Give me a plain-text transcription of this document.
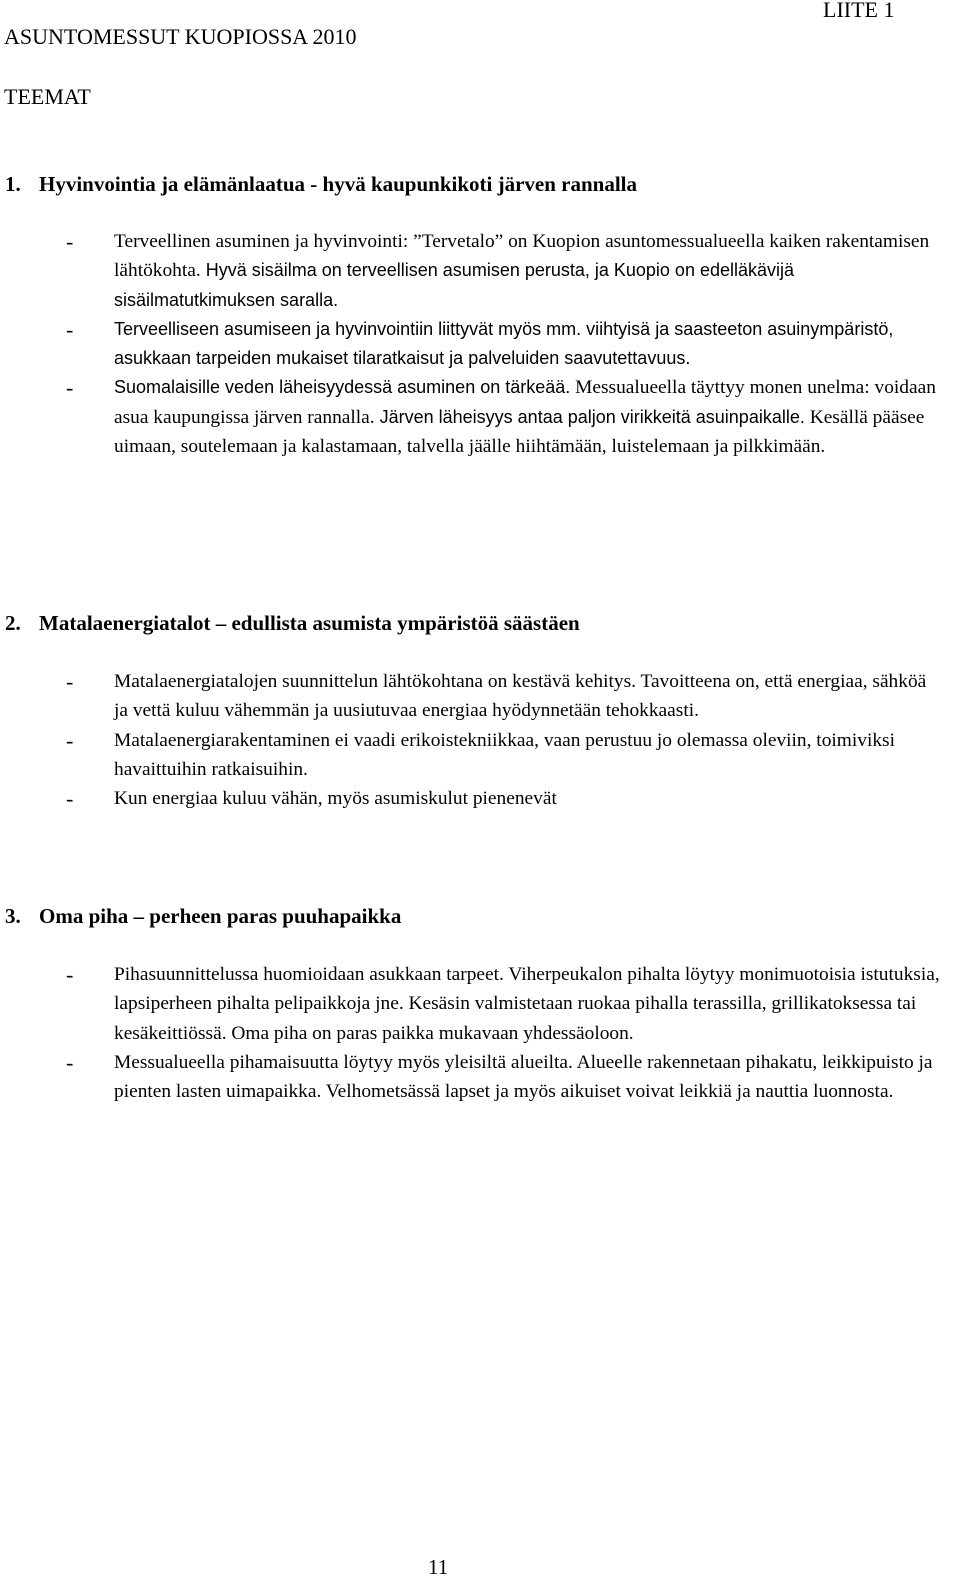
ASUNTOMESSUT KUOPIOSSA 2010
LIITE 1
TEEMAT
1. Hyvinvointia ja elämänlaatua - hyvä kaupunkikoti järven rannalla
- Terveellinen asuminen ja hyvinvointi: ”Tervetalo” on Kuopion asuntomessualueella kaiken rakentamisen lähtökohta. Hyvä sisäilma on terveellisen asumisen perusta, ja Kuopio on edelläkävijä sisäilmatutkimuksen saralla.
- Terveelliseen asumiseen ja hyvinvointiin liittyvät myös mm. viihtyisä ja saasteeton asuinympäristö, asukkaan tarpeiden mukaiset tilaratkaisut ja palveluiden saavutettavuus.
- Suomalaisille veden läheisyydessä asuminen on tärkeää. Messualueella täyttyy monen unelma: voidaan asua kaupungissa järven rannalla. Järven läheisyys antaa paljon virikkeitä asuinpaikalle. Kesällä pääsee uimaan, soutelemaan ja kalastamaan, talvella jäälle hiihtämään, luistelemaan ja pilkkimään.
2. Matalaenergiatalot – edullista asumista ympäristöä säästäen
- Matalaenergiatalojen suunnittelun lähtökohtana on kestävä kehitys. Tavoitteena on, että energiaa, sähköä ja vettä kuluu vähemmän ja uusiutuvaa energiaa hyödynnetään tehokkaasti.
- Matalaenergiarakentaminen ei vaadi erikoistekniikkaa, vaan perustuu jo olemassa oleviin, toimiviksi havaittuihin ratkaisuihin.
- Kun energiaa kuluu vähän, myös asumiskulut pienenevät
3. Oma piha – perheen paras puuhapaikka
- Pihasuunnittelussa huomioidaan asukkaan tarpeet. Viherpeukalon pihalta löytyy monimuotoisia istutuksia, lapsiperheen pihalta pelipaikkoja jne. Kesäsin valmistetaan ruokaa pihalla terassilla, grillikatoksessa tai kesäkeittiössä. Oma piha on paras paikka mukavaan yhdessäoloon.
- Messualueella pihamaisuutta löytyy myös yleisiltä alueilta. Alueelle rakennetaan pihakatu, leikkipuisto ja pienten lasten uimapaikka. Velhometsässä lapset ja myös aikuiset voivat leikkiä ja nauttia luonnosta.
11
